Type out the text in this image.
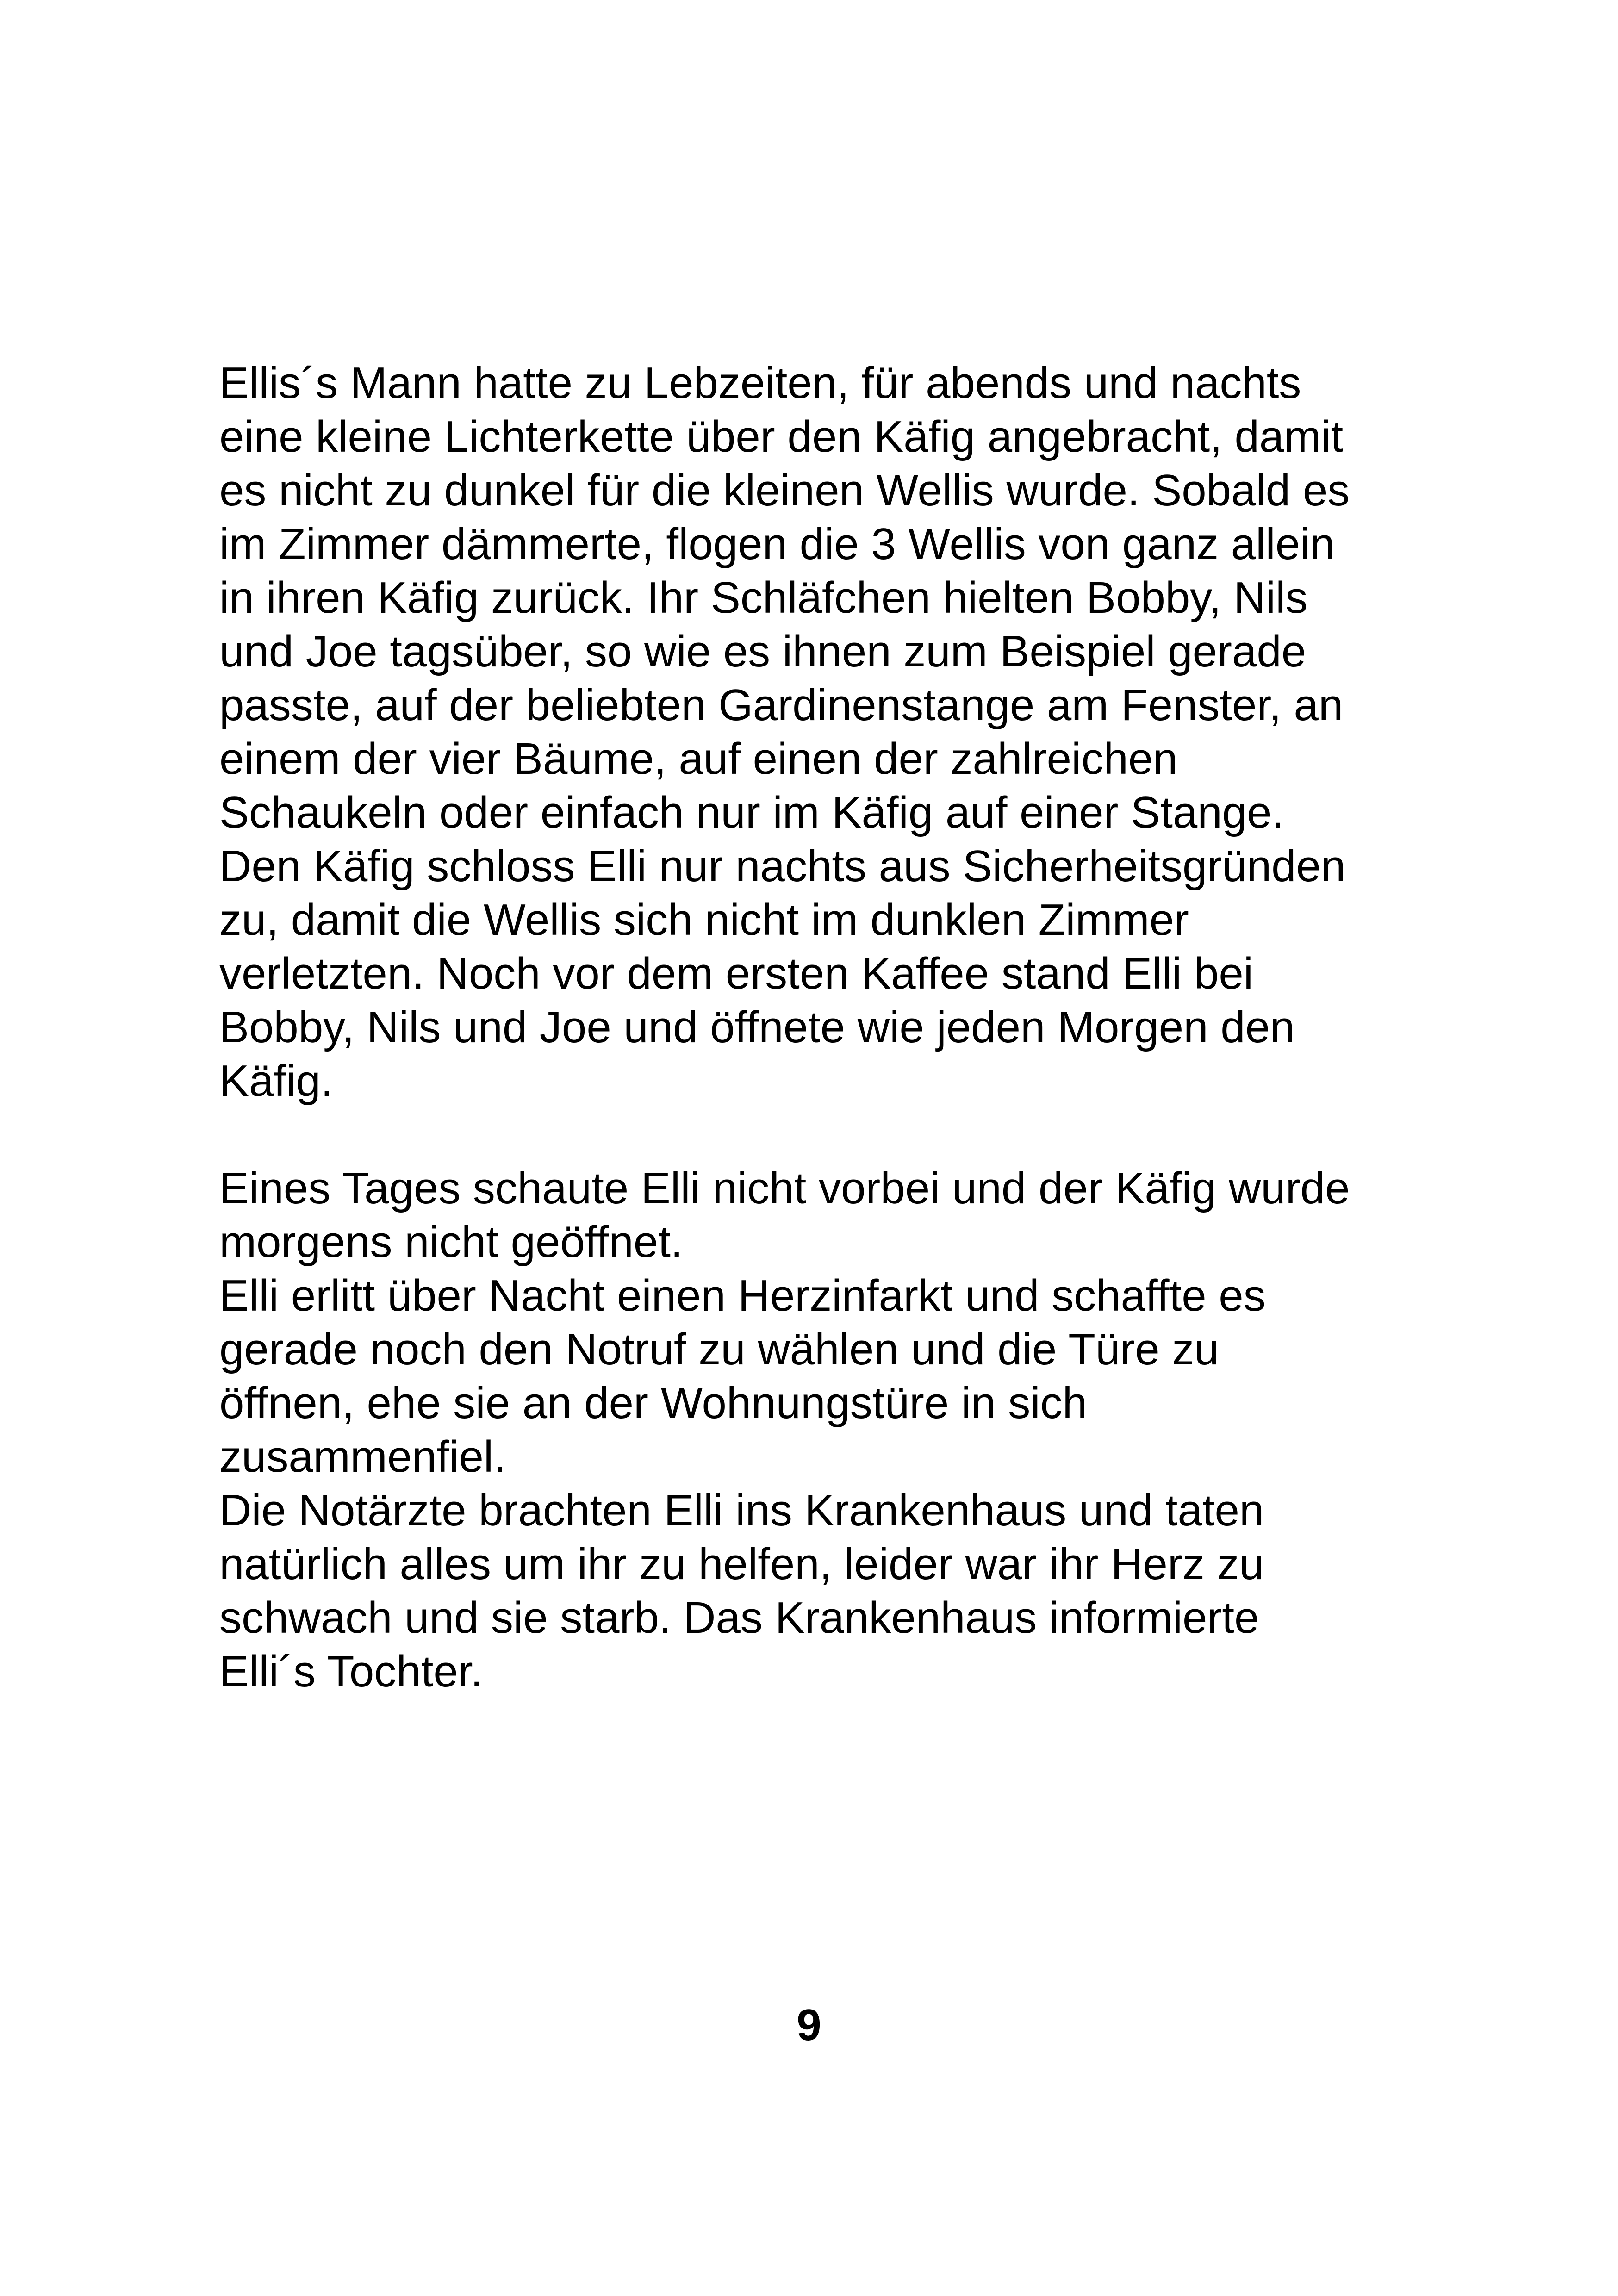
Ellis´s Mann hatte zu Lebzeiten, für abends und nachts
eine kleine Lichterkette über den Käfig angebracht, damit
es nicht zu dunkel für die kleinen Wellis wurde. Sobald es
im Zimmer dämmerte, flogen die 3 Wellis von ganz allein
in ihren Käfig zurück. Ihr Schläfchen hielten Bobby, Nils
und Joe tagsüber, so wie es ihnen zum Beispiel gerade
passte, auf der beliebten Gardinenstange am Fenster, an
einem der vier Bäume, auf einen der zahlreichen
Schaukeln oder einfach nur im Käfig auf einer Stange.
Den Käfig schloss Elli nur nachts aus Sicherheitsgründen
zu, damit die Wellis sich nicht im dunklen Zimmer
verletzten. Noch vor dem ersten Kaffee stand Elli bei
Bobby, Nils und Joe und öffnete wie jeden Morgen den
Käfig.
Eines Tages schaute Elli nicht vorbei und der Käfig wurde
morgens nicht geöffnet.
Elli erlitt über Nacht einen Herzinfarkt und schaffte es
gerade noch den Notruf zu wählen und die Türe zu
öffnen, ehe sie an der Wohnungstüre in sich
zusammenfiel.
Die Notärzte brachten Elli ins Krankenhaus und taten
natürlich alles um ihr zu helfen, leider war ihr Herz zu
schwach und sie starb. Das Krankenhaus informierte
Elli´s Tochter.
9
